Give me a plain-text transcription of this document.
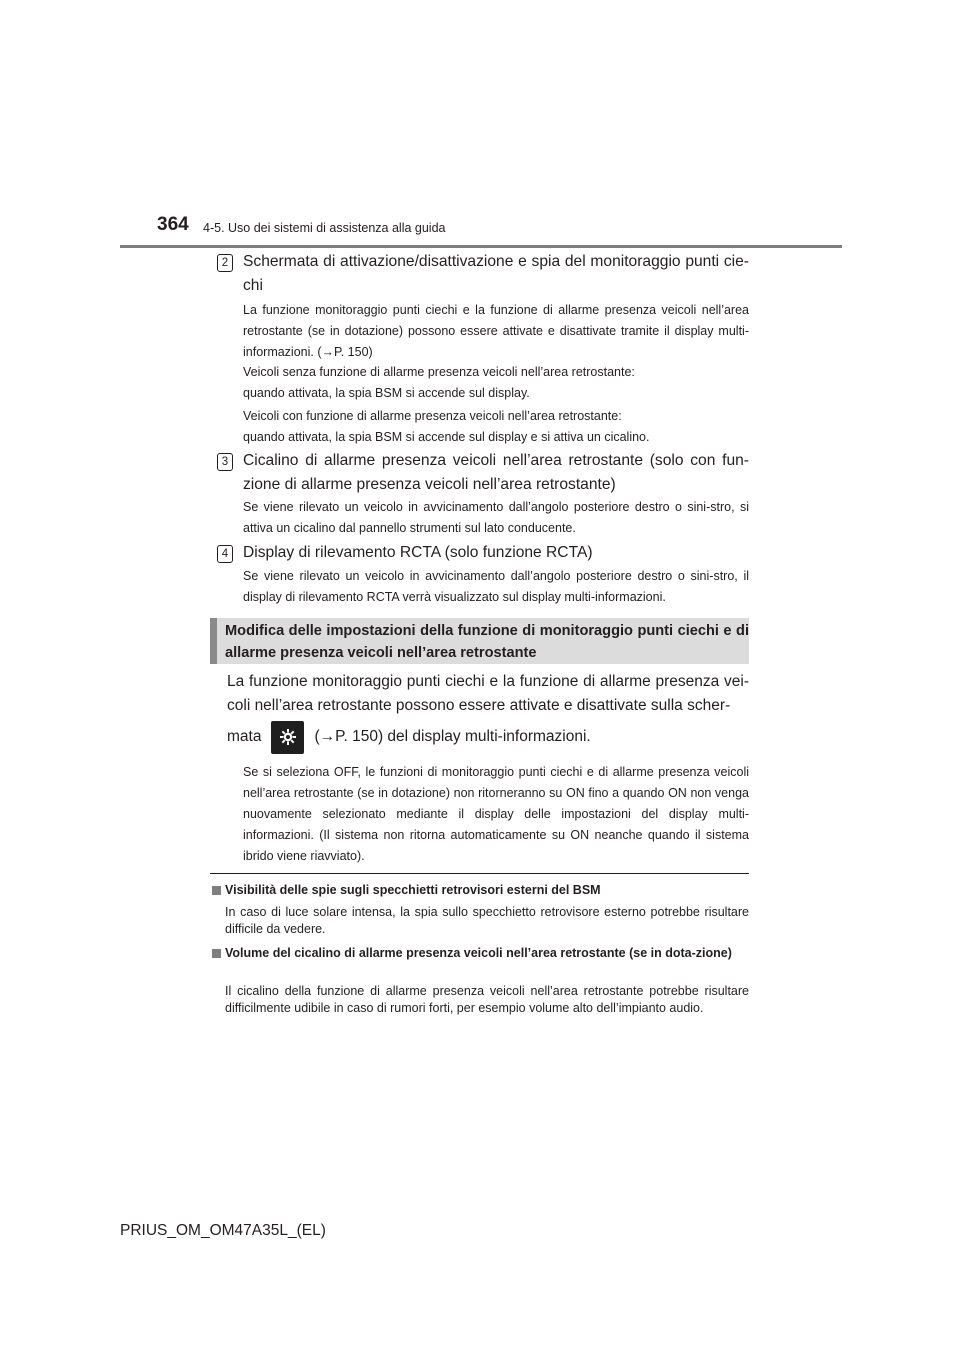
364 4-5. Uso dei sistemi di assistenza alla guida
2 Schermata di attivazione/disattivazione e spia del monitoraggio punti cie-chi
La funzione monitoraggio punti ciechi e la funzione di allarme presenza veicoli nell’area retrostante (se in dotazione) possono essere attivate e disattivate tramite il display multi-informazioni. (→P. 150)
Veicoli senza funzione di allarme presenza veicoli nell’area retrostante:
quando attivata, la spia BSM si accende sul display.
Veicoli con funzione di allarme presenza veicoli nell’area retrostante:
quando attivata, la spia BSM si accende sul display e si attiva un cicalino.
3 Cicalino di allarme presenza veicoli nell’area retrostante (solo con fun-zione di allarme presenza veicoli nell’area retrostante)
Se viene rilevato un veicolo in avvicinamento dall’angolo posteriore destro o sini-stro, si attiva un cicalino dal pannello strumenti sul lato conducente.
4 Display di rilevamento RCTA (solo funzione RCTA)
Se viene rilevato un veicolo in avvicinamento dall’angolo posteriore destro o sini-stro, il display di rilevamento RCTA verrà visualizzato sul display multi-informazioni.
Modifica delle impostazioni della funzione di monitoraggio punti ciechi e di allarme presenza veicoli nell’area retrostante
La funzione monitoraggio punti ciechi e la funzione di allarme presenza vei-coli nell’area retrostante possono essere attivate e disattivate sulla scher-
mata	(→P. 150) del display multi-informazioni.
Se si seleziona OFF, le funzioni di monitoraggio punti ciechi e di allarme presenza veicoli nell’area retrostante (se in dotazione) non ritorneranno su ON fino a quando ON non venga nuovamente selezionato mediante il display delle impostazioni del display multi-informazioni. (Il sistema non ritorna automaticamente su ON neanche quando il sistema ibrido viene riavviato).
Visibilità delle spie sugli specchietti retrovisori esterni del BSM
In caso di luce solare intensa, la spia sullo specchietto retrovisore esterno potrebbe risultare difficile da vedere.
Volume del cicalino di allarme presenza veicoli nell’area retrostante (se in dota-zione)
Il cicalino della funzione di allarme presenza veicoli nell’area retrostante potrebbe risultare difficilmente udibile in caso di rumori forti, per esempio volume alto dell’impianto audio.
PRIUS_OM_OM47A35L_(EL)
